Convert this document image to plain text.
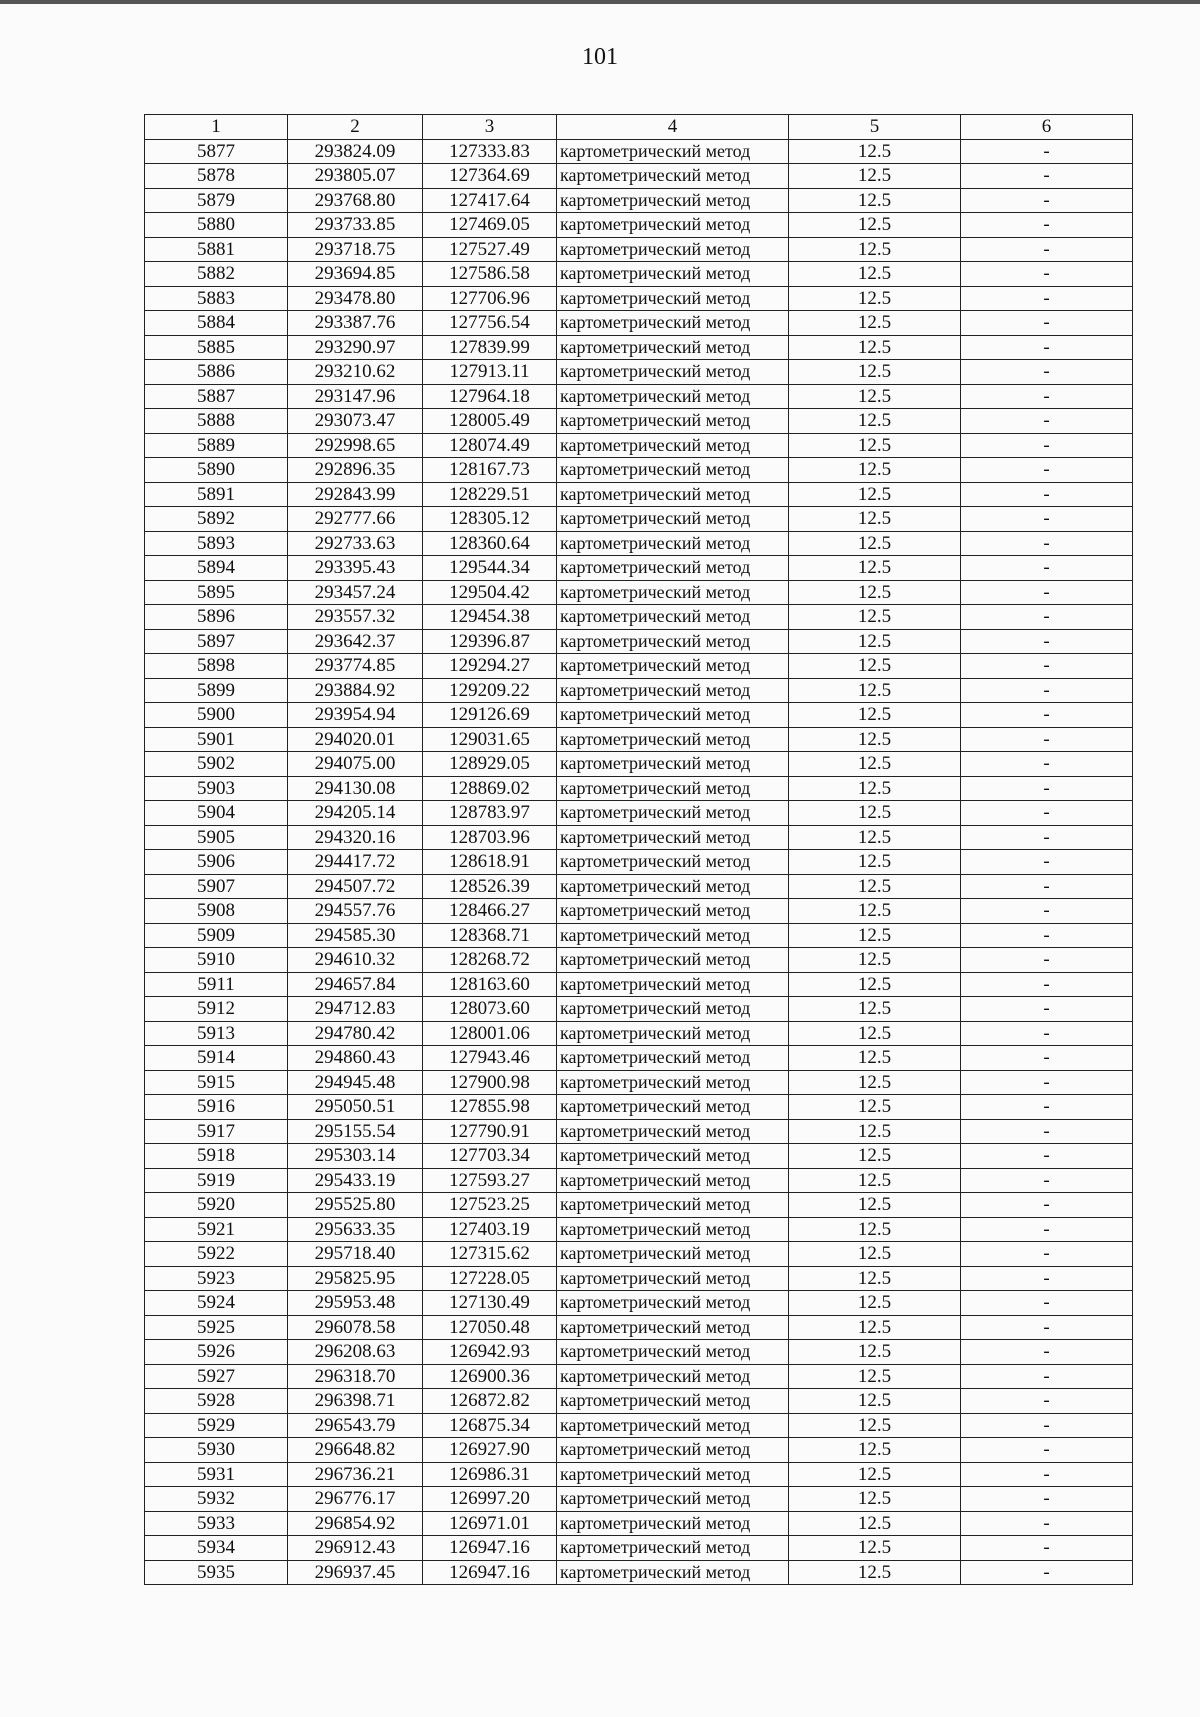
101
1	2	3	4	5	6
5877	293824.09	127333.83	картометрический метод	12.5	-
5878	293805.07	127364.69	картометрический метод	12.5	-
5879	293768.80	127417.64	картометрический метод	12.5	-
5880	293733.85	127469.05	картометрический метод	12.5	-
5881	293718.75	127527.49	картометрический метод	12.5	-
5882	293694.85	127586.58	картометрический метод	12.5	-
5883	293478.80	127706.96	картометрический метод	12.5	-
5884	293387.76	127756.54	картометрический метод	12.5	-
5885	293290.97	127839.99	картометрический метод	12.5	-
5886	293210.62	127913.11	картометрический метод	12.5	-
5887	293147.96	127964.18	картометрический метод	12.5	-
5888	293073.47	128005.49	картометрический метод	12.5	-
5889	292998.65	128074.49	картометрический метод	12.5	-
5890	292896.35	128167.73	картометрический метод	12.5	-
5891	292843.99	128229.51	картометрический метод	12.5	-
5892	292777.66	128305.12	картометрический метод	12.5	-
5893	292733.63	128360.64	картометрический метод	12.5	-
5894	293395.43	129544.34	картометрический метод	12.5	-
5895	293457.24	129504.42	картометрический метод	12.5	-
5896	293557.32	129454.38	картометрический метод	12.5	-
5897	293642.37	129396.87	картометрический метод	12.5	-
5898	293774.85	129294.27	картометрический метод	12.5	-
5899	293884.92	129209.22	картометрический метод	12.5	-
5900	293954.94	129126.69	картометрический метод	12.5	-
5901	294020.01	129031.65	картометрический метод	12.5	-
5902	294075.00	128929.05	картометрический метод	12.5	-
5903	294130.08	128869.02	картометрический метод	12.5	-
5904	294205.14	128783.97	картометрический метод	12.5	-
5905	294320.16	128703.96	картометрический метод	12.5	-
5906	294417.72	128618.91	картометрический метод	12.5	-
5907	294507.72	128526.39	картометрический метод	12.5	-
5908	294557.76	128466.27	картометрический метод	12.5	-
5909	294585.30	128368.71	картометрический метод	12.5	-
5910	294610.32	128268.72	картометрический метод	12.5	-
5911	294657.84	128163.60	картометрический метод	12.5	-
5912	294712.83	128073.60	картометрический метод	12.5	-
5913	294780.42	128001.06	картометрический метод	12.5	-
5914	294860.43	127943.46	картометрический метод	12.5	-
5915	294945.48	127900.98	картометрический метод	12.5	-
5916	295050.51	127855.98	картометрический метод	12.5	-
5917	295155.54	127790.91	картометрический метод	12.5	-
5918	295303.14	127703.34	картометрический метод	12.5	-
5919	295433.19	127593.27	картометрический метод	12.5	-
5920	295525.80	127523.25	картометрический метод	12.5	-
5921	295633.35	127403.19	картометрический метод	12.5	-
5922	295718.40	127315.62	картометрический метод	12.5	-
5923	295825.95	127228.05	картометрический метод	12.5	-
5924	295953.48	127130.49	картометрический метод	12.5	-
5925	296078.58	127050.48	картометрический метод	12.5	-
5926	296208.63	126942.93	картометрический метод	12.5	-
5927	296318.70	126900.36	картометрический метод	12.5	-
5928	296398.71	126872.82	картометрический метод	12.5	-
5929	296543.79	126875.34	картометрический метод	12.5	-
5930	296648.82	126927.90	картометрический метод	12.5	-
5931	296736.21	126986.31	картометрический метод	12.5	-
5932	296776.17	126997.20	картометрический метод	12.5	-
5933	296854.92	126971.01	картометрический метод	12.5	-
5934	296912.43	126947.16	картометрический метод	12.5	-
5935	296937.45	126947.16	картометрический метод	12.5	-
